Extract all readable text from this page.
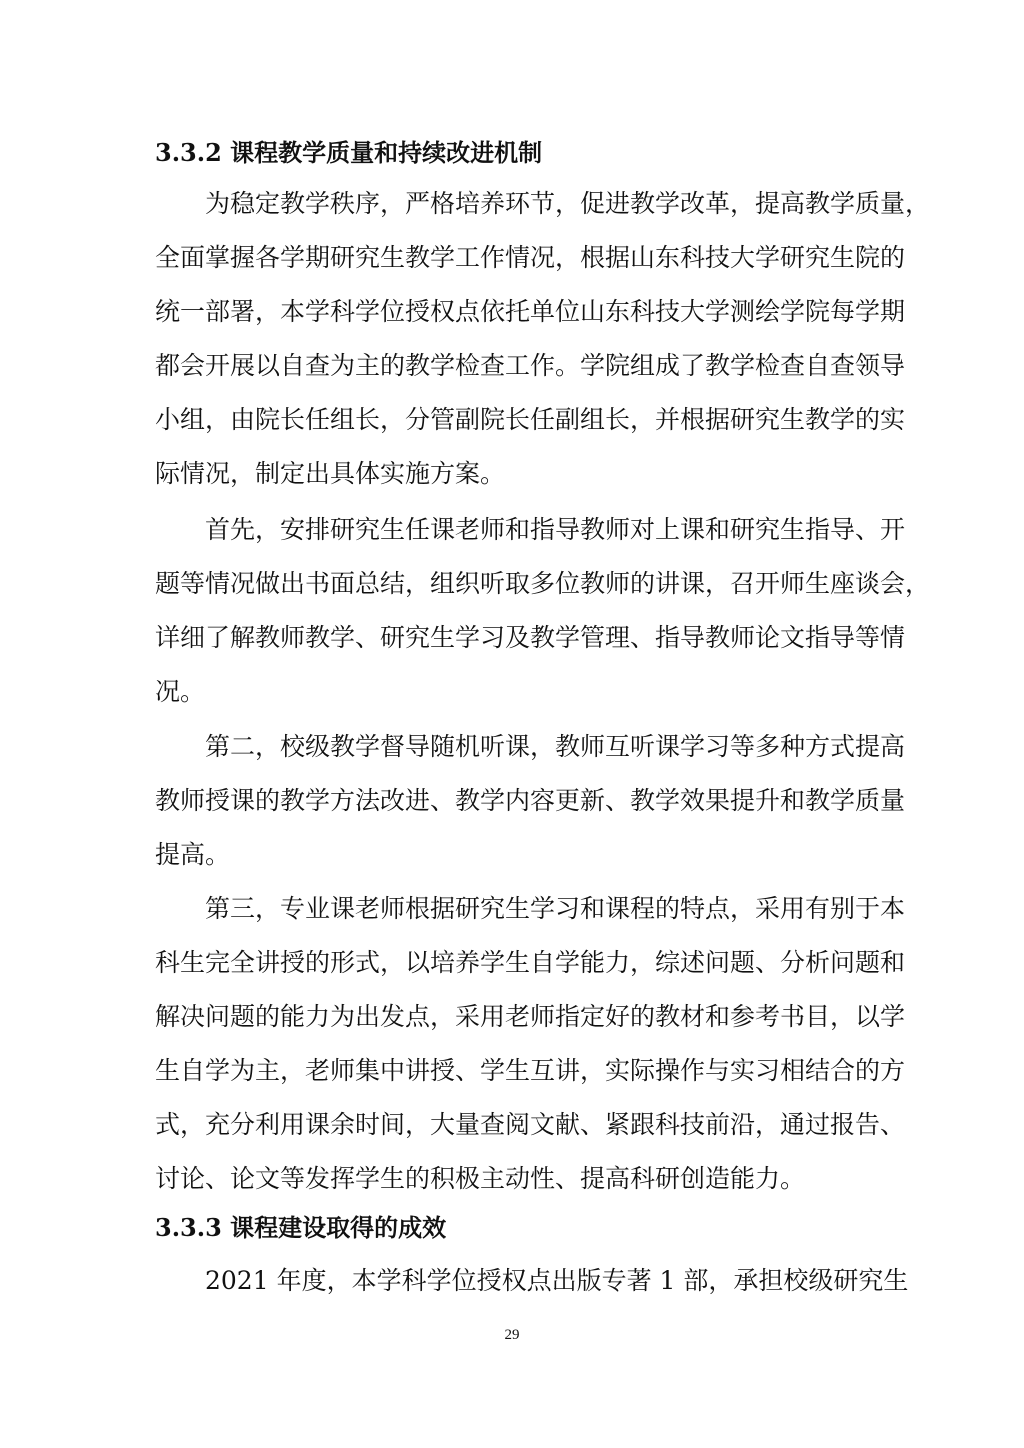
3.3.2 课程教学质量和持续改进机制
为稳定教学秩序，严格培养环节，促进教学改革，提高教学质量，
全面掌握各学期研究生教学工作情况，根据山东科技大学研究生院的
统一部署，本学科学位授权点依托单位山东科技大学测绘学院每学期
都会开展以自查为主的教学检查工作。学院组成了教学检查自查领导
小组，由院长任组长，分管副院长任副组长，并根据研究生教学的实
际情况，制定出具体实施方案。
首先，安排研究生任课老师和指导教师对上课和研究生指导、开
题等情况做出书面总结，组织听取多位教师的讲课，召开师生座谈会，
详细了解教师教学、研究生学习及教学管理、指导教师论文指导等情
况。
第二，校级教学督导随机听课，教师互听课学习等多种方式提高
教师授课的教学方法改进、教学内容更新、教学效果提升和教学质量
提高。
第三，专业课老师根据研究生学习和课程的特点，采用有别于本
科生完全讲授的形式，以培养学生自学能力，综述问题、分析问题和
解决问题的能力为出发点，采用老师指定好的教材和参考书目，以学
生自学为主，老师集中讲授、学生互讲，实际操作与实习相结合的方
式，充分利用课余时间，大量查阅文献、紧跟科技前沿，通过报告、
讨论、论文等发挥学生的积极主动性、提高科研创造能力。
3.3.3 课程建设取得的成效
2021 年度，本学科学位授权点出版专著 1 部，承担校级研究生
29
